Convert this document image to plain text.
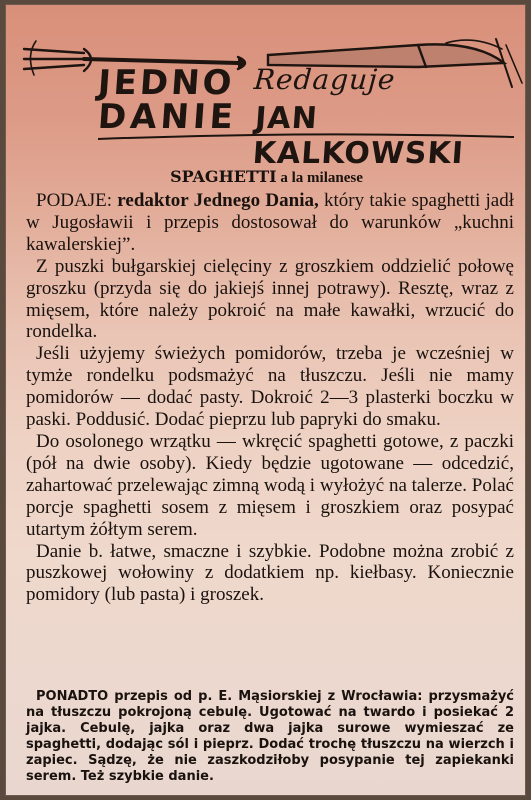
JEDNO
DANIE
Redaguje
JAN KALKOWSKI
SPAGHETTI a la milanese

PODAJE: redaktor Jednego Dania, który takie spaghetti jadł w Jugosławii i przepis dostosował do warunków „kuchni kawalerskiej”.

Z puszki bułgarskiej cielęciny z groszkiem oddzielić połowę groszku (przyda się do jakiejś innej potrawy). Resztę, wraz z mięsem, które należy pokroić na małe kawałki, wrzucić do rondelka.

Jeśli użyjemy świeżych pomidorów, trzeba je wcześniej w tymże rondelku podsmażyć na tłuszczu. Jeśli nie mamy pomidorów — dodać pasty. Dokroić 2—3 plasterki boczku w paski. Poddusić. Dodać pieprzu lub papryki do smaku.

Do osolonego wrzątku — wkręcić spaghetti gotowe, z paczki (pół na dwie osoby). Kiedy będzie ugotowane — odcedzić, zahartować przelewając zimną wodą i wyłożyć na talerze. Polać porcje spaghetti sosem z mięsem i groszkiem oraz posypać utartym żółtym serem.

Danie b. łatwe, smaczne i szybkie. Podobne można zrobić z puszkowej wołowiny z dodatkiem np. kiełbasy. Koniecznie pomidory (lub pasta) i groszek.

PONADTO przepis od p. E. Mąsiorskiej z Wrocławia: przysmażyć na tłuszczu pokrojoną cebulę. Ugotować na twardo i posiekać 2 jajka. Cebulę, jajka oraz dwa jajka surowe wymieszać ze spaghetti, dodając sól i pieprz. Dodać trochę tłuszczu na wierzch i zapiec. Sądzę, że nie zaszkodziłoby posypanie tej zapiekanki serem. Też szybkie danie.
